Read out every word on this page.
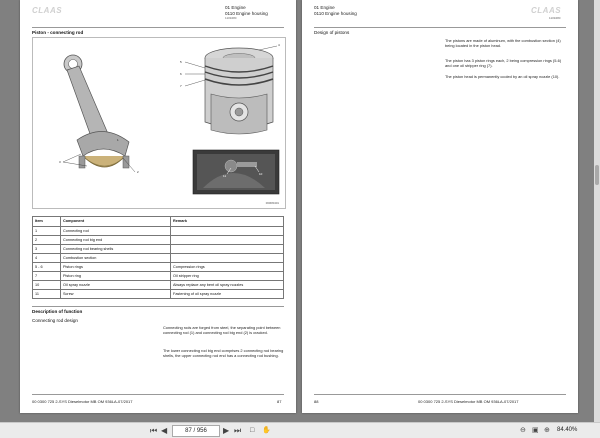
CLAAS	01 Engine
0110 Engine housing
1109480
Piston - connecting rod
1
2
3
4
5
6
7
10
11
0606f0401
Item	Component	Remark
1	Connecting rod	
2	Connecting rod big end	
3	Connecting rod bearing shells	
4	Combustion section	
5 - 6	Piston rings	Compression rings
7	Piston ring	Oil stripper ring
10	Oil spray nozzle	Always replace any bent oil spray nozzles
11	Screw	Fastening of oil spray nozzle
Description of function
Connecting rod design
Connecting rods are forged from steel, the separating point between connecting rod (1) and connecting rod big end (2) is cracked.
The lower connecting rod big end comprises 2 connecting rod bearing shells, the upper connecting rod end has a connecting rod bushing.
00 0300 725 2-SYS Dieselmotor MB OM 936LA-07/2017	87
CLAAS
01 Engine
0110 Engine housing
1109480
Design of pistons
The pistons are made of aluminum, with the combustion section (4) being located in the piston head.
The piston has 3 piston rings each, 2 being compression rings (5-6) and one oil stripper ring (7).
The piston head is permanently cooled by an oil spray nozzle (10).
88	00 0300 725 2-SYS Dieselmotor MB OM 936LA-07/2017
⏮ ◀	87 / 956	▶ ⏭ □ ✋	⊖ ▣ ⊕ 84.40%
